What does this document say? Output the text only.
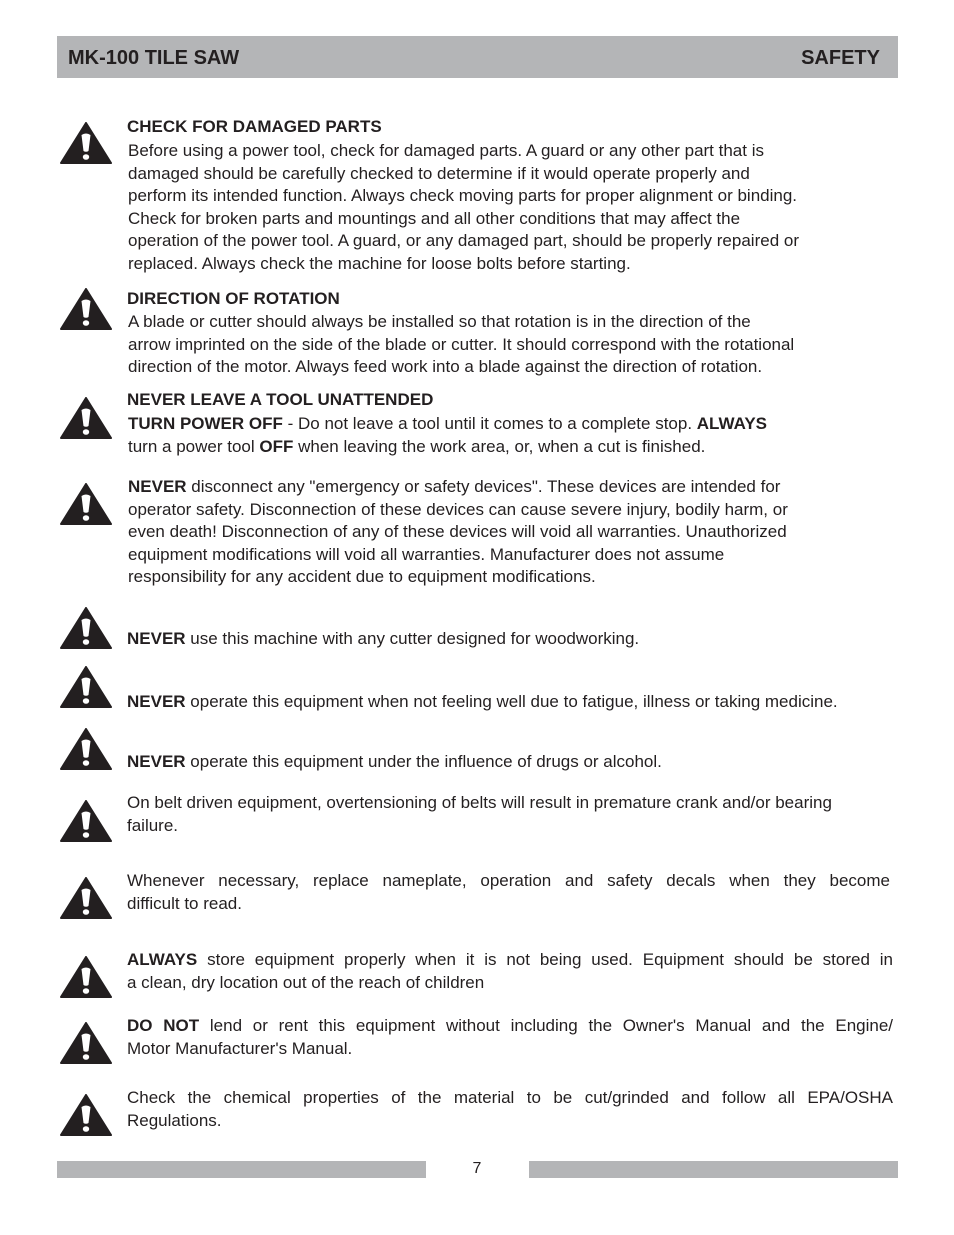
MK-100 TILE SAW	SAFETY
CHECK FOR DAMAGED PARTS
Before using a power tool, check for damaged parts. A guard or any other part that is
damaged should be carefully checked to determine if it would operate properly and
perform its intended function. Always check moving parts for proper alignment or binding.
Check for broken parts and mountings and all other conditions that may affect the
operation of the power tool. A guard, or any damaged part, should be properly repaired or
replaced. Always check the machine for loose bolts before starting.
DIRECTION OF ROTATION
A blade or cutter should always be installed so that rotation is in the direction of the
arrow imprinted on the side of the blade or cutter. It should correspond with the rotational
direction of the motor. Always feed work into a blade against the direction of rotation.
NEVER LEAVE A TOOL UNATTENDED
TURN POWER OFF - Do not leave a tool until it comes to a complete stop. ALWAYS
turn a power tool OFF when leaving the work area, or, when a cut is finished.
NEVER disconnect any "emergency or safety devices". These devices are intended for
operator safety. Disconnection of these devices can cause severe injury, bodily harm, or
even death! Disconnection of any of these devices will void all warranties. Unauthorized
equipment modifications will void all warranties. Manufacturer does not assume
responsibility for any accident due to equipment modifications.
NEVER use this machine with any cutter designed for woodworking.
NEVER operate this equipment when not feeling well due to fatigue, illness or taking medicine.
NEVER operate this equipment under the influence of drugs or alcohol.
On belt driven equipment, overtensioning of belts will result in premature crank and/or bearing
failure.
Whenever necessary, replace nameplate, operation and safety decals when they become
difficult to read.
ALWAYS store equipment properly when it is not being used. Equipment should be stored in
a clean, dry location out of the reach of children
DO NOT lend or rent this equipment without including the Owner's Manual and the Engine/
Motor Manufacturer's Manual.
Check the chemical properties of the material to be cut/grinded and follow all EPA/OSHA
Regulations.
7
